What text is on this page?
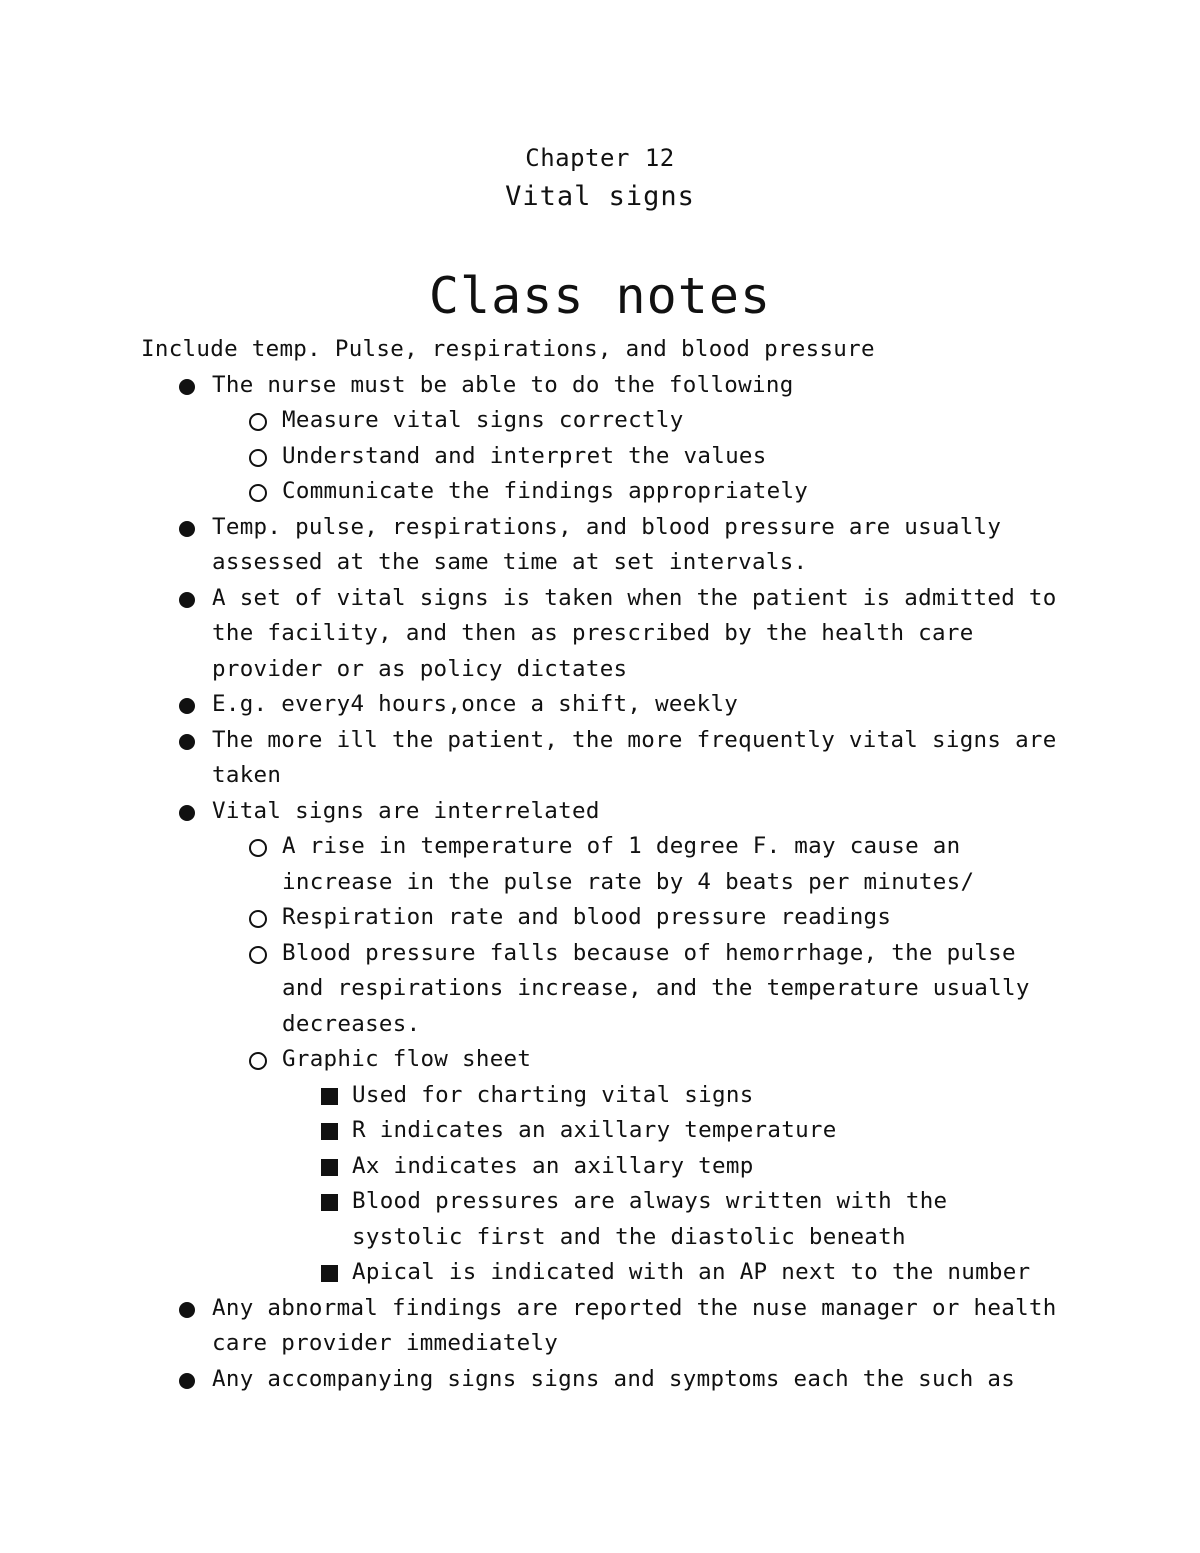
Chapter 12
Vital signs
Class notes

Include temp. Pulse, respirations, and blood pressure

The nurse must be able to do the following
Measure vital signs correctly
Understand and interpret the values
Communicate the findings appropriately
Temp. pulse, respirations, and blood pressure are usually assessed at the same time at set intervals.
A set of vital signs is taken when the patient is admitted to the facility, and then as prescribed by the health care provider or as policy dictates
E.g. every4 hours,once a shift, weekly
The more ill the patient, the more frequently vital signs are taken
Vital signs are interrelated
A rise in temperature of 1 degree F. may cause an increase in the pulse rate by 4 beats per minutes/
Respiration rate and blood pressure readings
Blood pressure falls because of hemorrhage, the pulse and respirations increase, and the temperature usually decreases.
Graphic flow sheet
Used for charting vital signs
R indicates an axillary temperature
Ax indicates an axillary temp
Blood pressures are always written with the systolic first and the diastolic beneath
Apical is indicated with an AP next to the number
Any abnormal findings are reported the nuse manager or health care provider immediately
Any accompanying signs signs and symptoms each the such as
